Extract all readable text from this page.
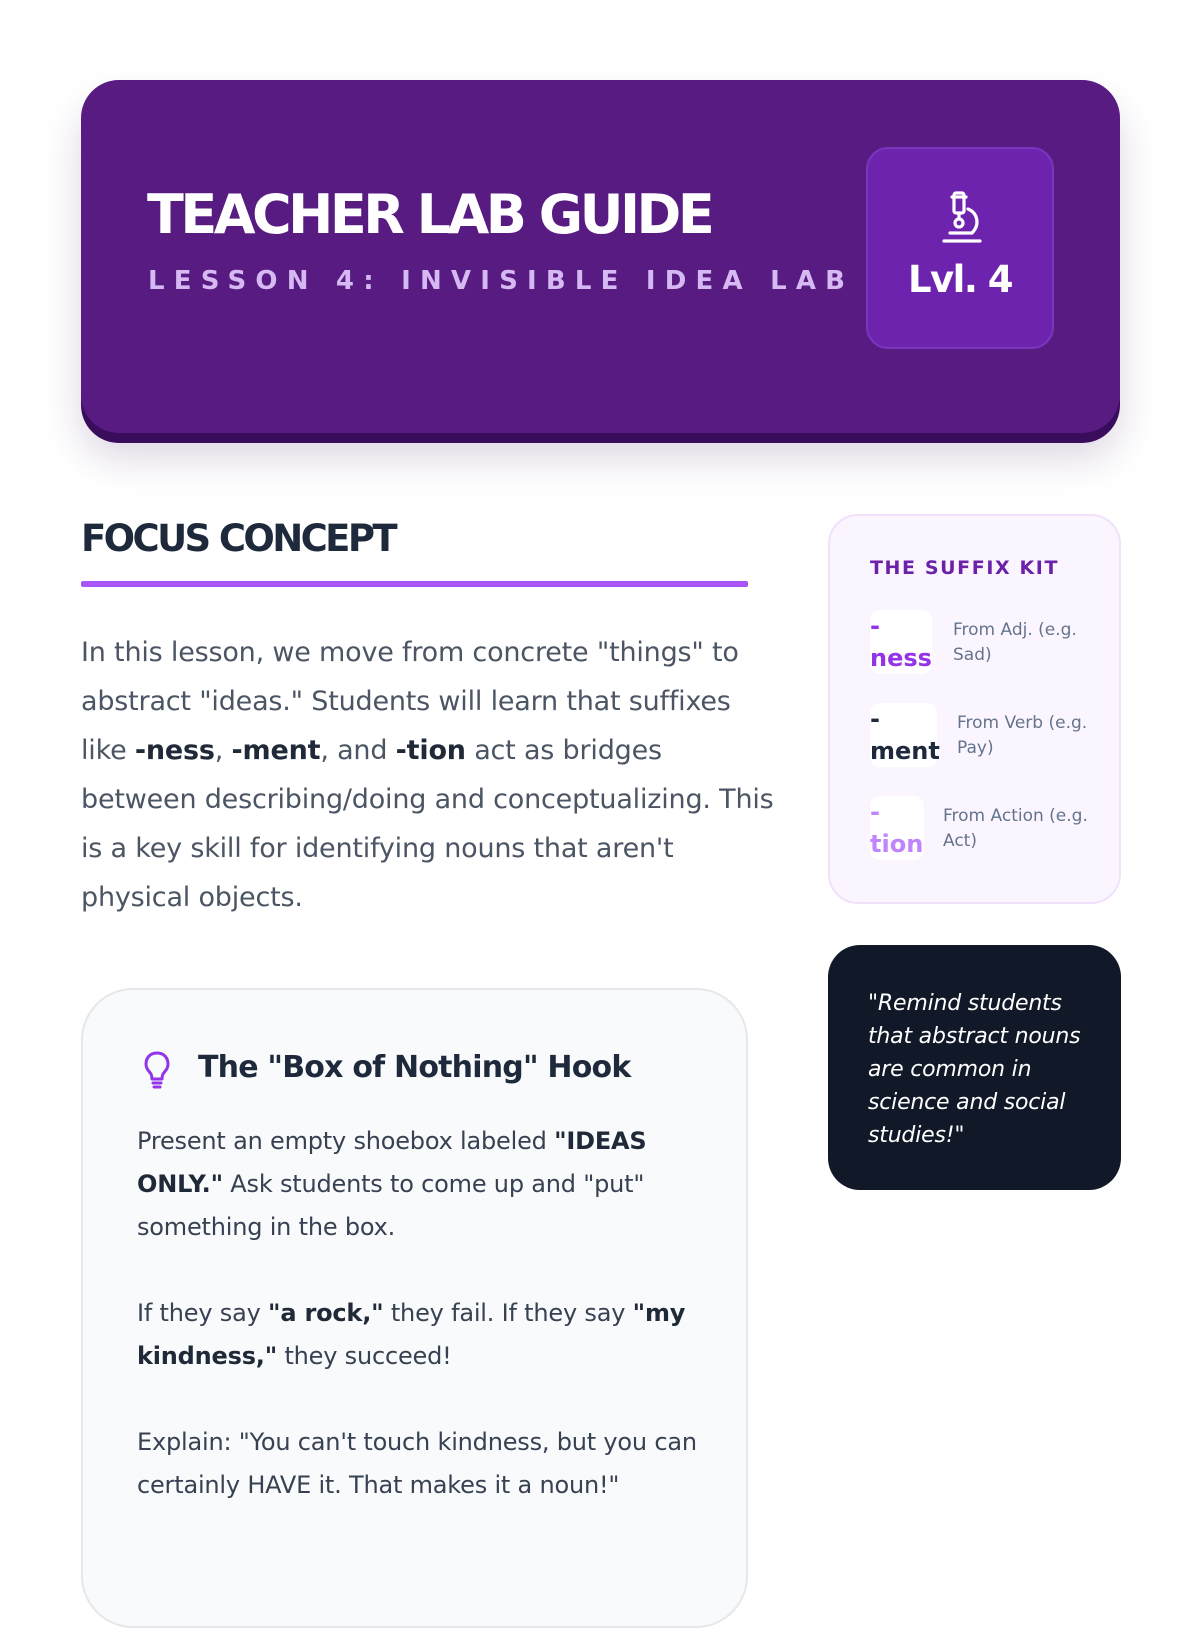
TEACHER LAB GUIDE
LESSON 4: INVISIBLE IDEA LAB	Lvl. 4
FOCUS CONCEPT

In this lesson, we move from concrete "things" to abstract "ideas." Students will learn that suffixes like -ness, -ment, and -tion act as bridges between describing/doing and conceptualizing. This is a key skill for identifying nouns that aren't physical objects.

The "Box of Nothing" Hook

Present an empty shoebox labeled "IDEAS ONLY." Ask students to come up and "put" something in the box.

If they say "a rock," they fail. If they say "my kindness," they succeed!

Explain: "You can't touch kindness, but you can certainly HAVE it. That makes it a noun!"

THE SUFFIX KIT
-
ness
From Adj. (e.g.
Sad)
-
ment
From Verb (e.g.
Pay)
-
tion
From Action (e.g.
Act)

"Remind students that abstract nouns are common in science and social studies!"
